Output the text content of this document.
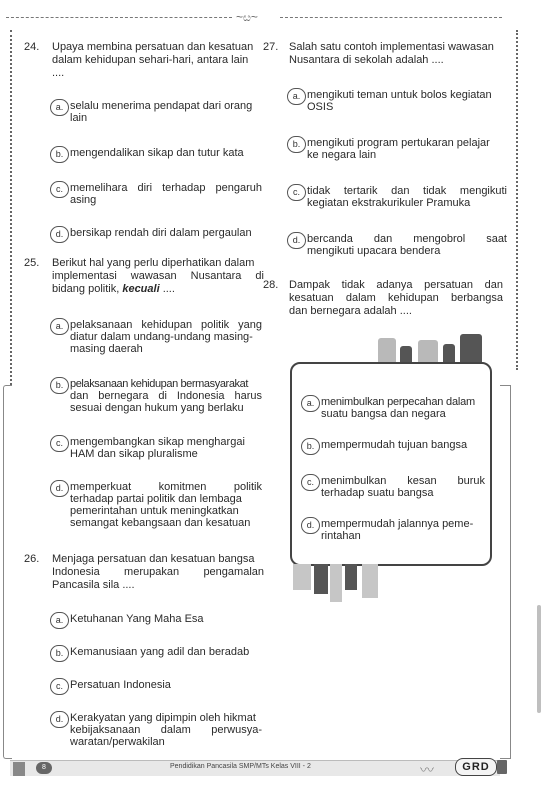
~ೞ~
24. Upaya membina persatuan dan kesatuan
dalam kehidupan sehari-hari, antara lain
....
a. selalu menerima pendapat dari orang
lain
b. mengendalikan sikap dan tutur kata
c. memelihara diri terhadap pengaruh
asing
d. bersikap rendah diri dalam pergaulan
25. Berikut hal yang perlu diperhatikan dalam
implementasi wawasan Nusantara di
bidang politik, kecuali ....
a. pelaksanaan kehidupan politik yang
diatur dalam undang-undang masing-
masing daerah
b. pelaksanaan kehidupan bermasyarakat
dan bernegara di Indonesia harus
sesuai dengan hukum yang berlaku
c. mengembangkan sikap menghargai
HAM dan sikap pluralisme
d. memperkuat komitmen politik
terhadap partai politik dan lembaga
pemerintahan untuk meningkatkan
semangat kebangsaan dan kesatuan
26. Menjaga persatuan dan kesatuan bangsa
Indonesia merupakan pengamalan
Pancasila sila ....
a. Ketuhanan Yang Maha Esa
b. Kemanusiaan yang adil dan beradab
c. Persatuan Indonesia
d. Kerakyatan yang dipimpin oleh hikmat
kebijaksanaan dalam perwusya-
waratan/perwakilan
27. Salah satu contoh implementasi wawasan
Nusantara di sekolah adalah ....
a. mengikuti teman untuk bolos kegiatan
OSIS
b. mengikuti program pertukaran pelajar
ke negara lain
c. tidak tertarik dan tidak mengikuti
kegiatan ekstrakurikuler Pramuka
d. bercanda dan mengobrol saat
mengikuti upacara bendera
28. Dampak tidak adanya persatuan dan
kesatuan dalam kehidupan berbangsa
dan bernegara adalah ....
a. menimbulkan perpecahan dalam
suatu bangsa dan negara
b. mempermudah tujuan bangsa
c. menimbulkan kesan buruk
terhadap suatu bangsa
d. mempermudah jalannya peme-
rintahan
8	Pendidikan Pancasila SMP/MTs Kelas VIII - 2	〰	GRD
